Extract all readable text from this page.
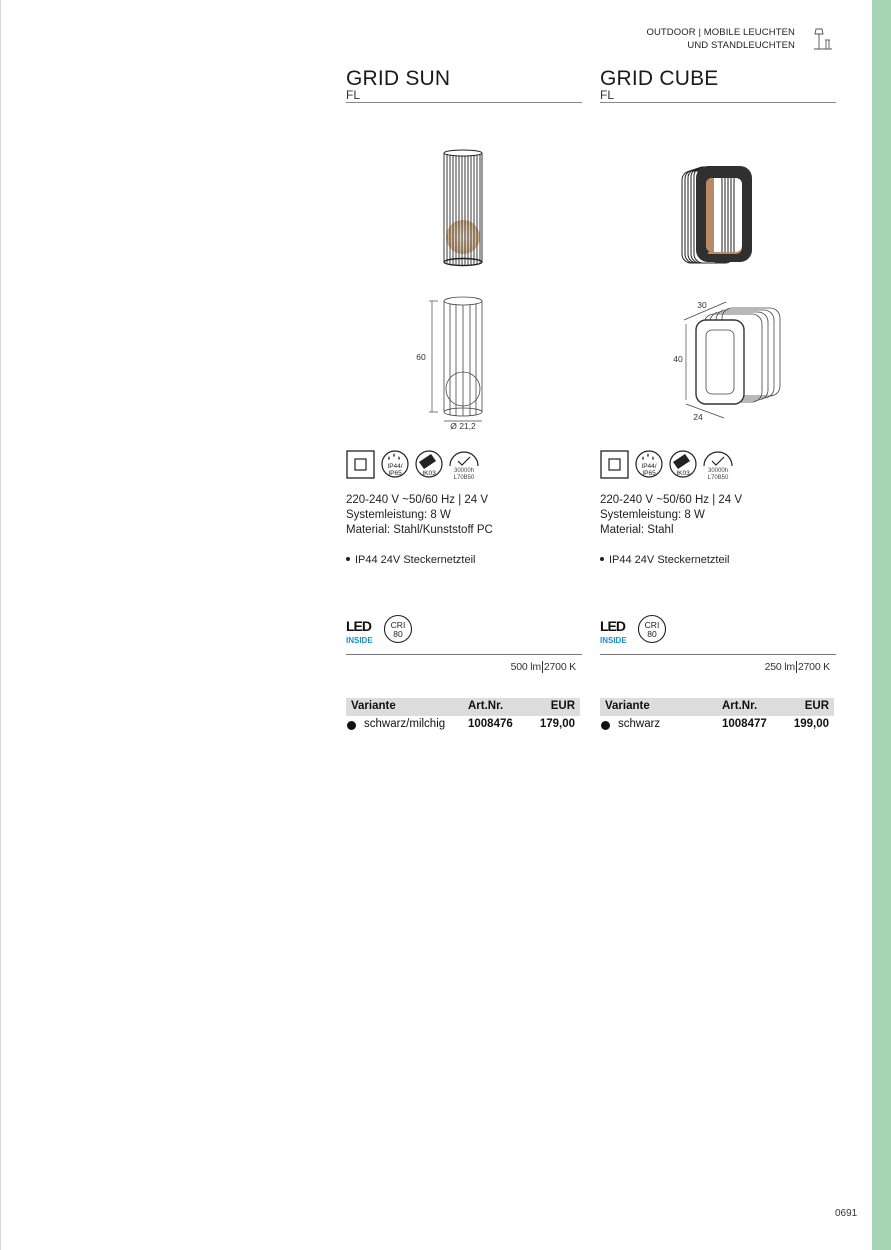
OUTDOOR | MOBILE LEUCHTEN
UND STANDLEUCHTEN
GRID SUN
FL
60
Ø 21,2
IP44/
IP65	IK03	30000h
L70B50
220-240 V ~50/60 Hz | 24 V
Systemleistung: 8 W
Material: Stahl/Kunststoff PC
IP44 24V Steckernetzteil
LED
INSIDE
CRI
80
500 lm 2700 K
Variante	Art.Nr.	EUR
schwarz/milchig 1008476 179,00
GRID CUBE
FL
30
40
24
IP44/
IP65	IK03	30000h
L70B50
220-240 V ~50/60 Hz | 24 V
Systemleistung: 8 W
Material: Stahl
IP44 24V Steckernetzteil
LED
INSIDE
CRI
80
250 lm 2700 K
Variante	Art.Nr.	EUR
schwarz	1008477 199,00
0691
